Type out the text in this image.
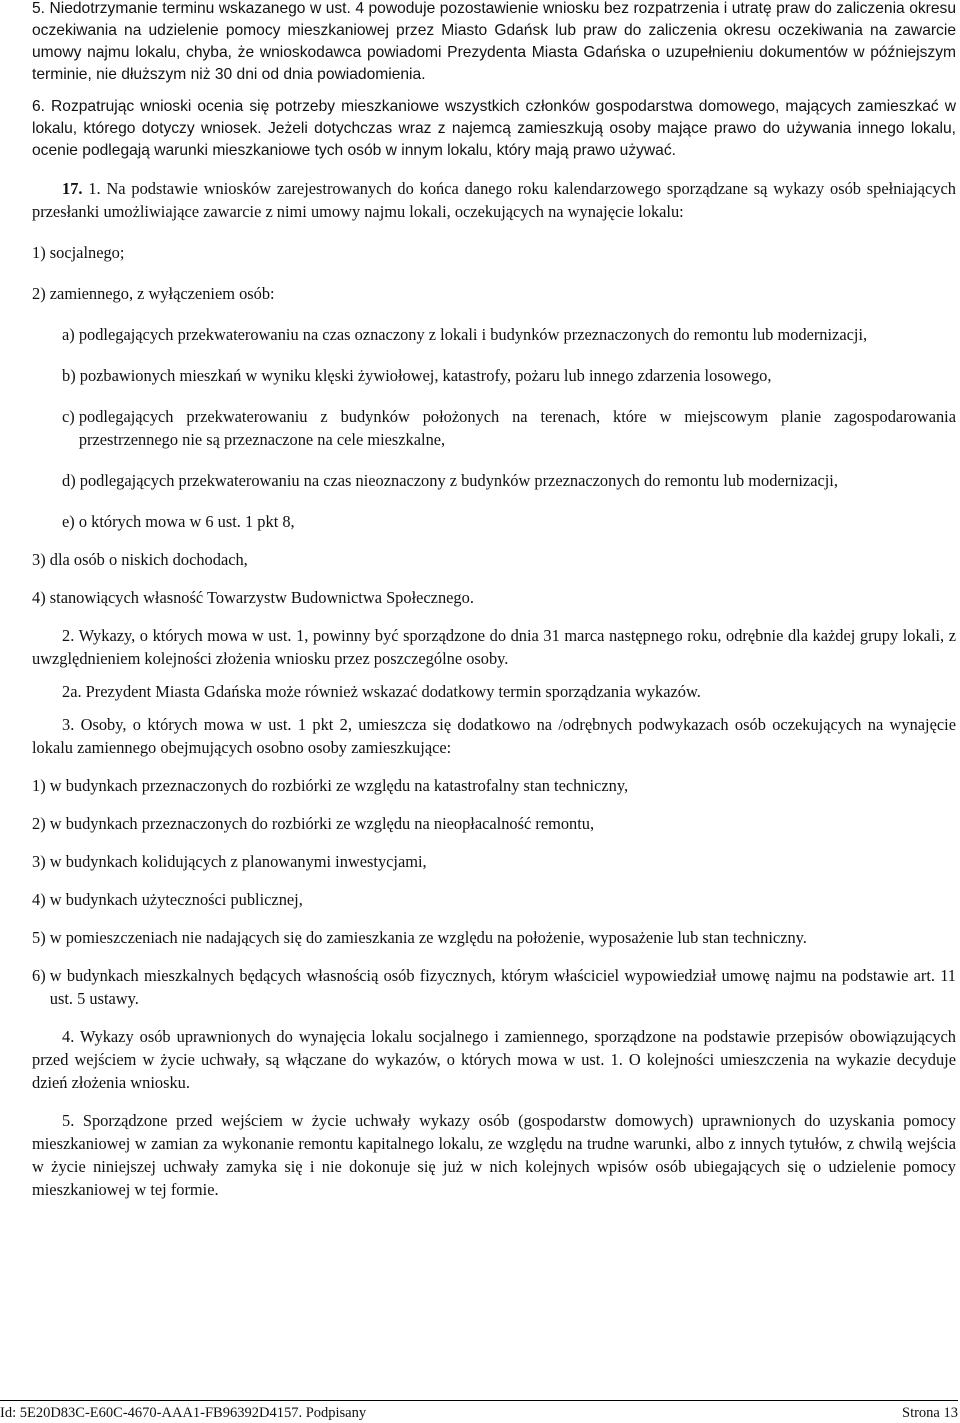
5. Niedotrzymanie terminu wskazanego w ust. 4 powoduje pozostawienie wniosku bez rozpatrzenia i utratę praw do zaliczenia okresu oczekiwania na udzielenie pomocy mieszkaniowej przez Miasto Gdańsk lub praw do zaliczenia okresu oczekiwania na zawarcie umowy najmu lokalu, chyba, że wnioskodawca powiadomi Prezydenta Miasta Gdańska o uzupełnieniu dokumentów w późniejszym terminie, nie dłuższym niż 30 dni od dnia powiadomienia.

6. Rozpatrując wnioski ocenia się potrzeby mieszkaniowe wszystkich członków gospodarstwa domowego, mających zamieszkać w lokalu, którego dotyczy wniosek. Jeżeli dotychczas wraz z najemcą zamieszkują osoby mające prawo do używania innego lokalu, ocenie podlegają warunki mieszkaniowe tych osób w innym lokalu, który mają prawo używać.

17. 1. Na podstawie wniosków zarejestrowanych do końca danego roku kalendarzowego sporządzane są wykazy osób spełniających przesłanki umożliwiające zawarcie z nimi umowy najmu lokali, oczekujących na wynajęcie lokalu:

1) socjalnego;
2) zamiennego, z wyłączeniem osób:
a) podlegających przekwaterowaniu na czas oznaczony z lokali i budynków przeznaczonych do remontu lub modernizacji,
b) pozbawionych mieszkań w wyniku klęski żywiołowej, katastrofy, pożaru lub innego zdarzenia losowego,
c) podlegających przekwaterowaniu z budynków położonych na terenach, które w miejscowym planie zagospodarowania przestrzennego nie są przeznaczone na cele mieszkalne,
d) podlegających przekwaterowaniu na czas nieoznaczony z budynków przeznaczonych do remontu lub modernizacji,
e) o których mowa w 6 ust. 1 pkt 8,
3) dla osób o niskich dochodach,
4) stanowiących własność Towarzystw Budownictwa Społecznego.

2. Wykazy, o których mowa w ust. 1, powinny być sporządzone do dnia 31 marca następnego roku, odrębnie dla każdej grupy lokali, z uwzględnieniem kolejności złożenia wniosku przez poszczególne osoby.

2a. Prezydent Miasta Gdańska może również wskazać dodatkowy termin sporządzania wykazów.

3. Osoby, o których mowa w ust. 1 pkt 2, umieszcza się dodatkowo na /odrębnych podwykazach osób oczekujących na wynajęcie lokalu zamiennego obejmujących osobno osoby zamieszkujące:

1) w budynkach przeznaczonych do rozbiórki ze względu na katastrofalny stan techniczny,
2) w budynkach przeznaczonych do rozbiórki ze względu na nieopłacalność remontu,
3) w budynkach kolidujących z planowanymi inwestycjami,
4) w budynkach użyteczności publicznej,
5) w pomieszczeniach nie nadających się do zamieszkania ze względu na położenie, wyposażenie lub stan techniczny.
6) w budynkach mieszkalnych będących własnością osób fizycznych, którym właściciel wypowiedział umowę najmu na podstawie art. 11 ust. 5 ustawy.

4. Wykazy osób uprawnionych do wynajęcia lokalu socjalnego i zamiennego, sporządzone na podstawie przepisów obowiązujących przed wejściem w życie uchwały, są włączane do wykazów, o których mowa w ust. 1. O kolejności umieszczenia na wykazie decyduje dzień złożenia wniosku.

5. Sporządzone przed wejściem w życie uchwały wykazy osób (gospodarstw domowych) uprawnionych do uzyskania pomocy mieszkaniowej w zamian za wykonanie remontu kapitalnego lokalu, ze względu na trudne warunki, albo z innych tytułów, z chwilą wejścia w życie niniejszej uchwały zamyka się i nie dokonuje się już w nich kolejnych wpisów osób ubiegających się o udzielenie pomocy mieszkaniowej w tej formie.

Id: 5E20D83C-E60C-4670-AAA1-FB96392D4157. Podpisany	Strona 13
